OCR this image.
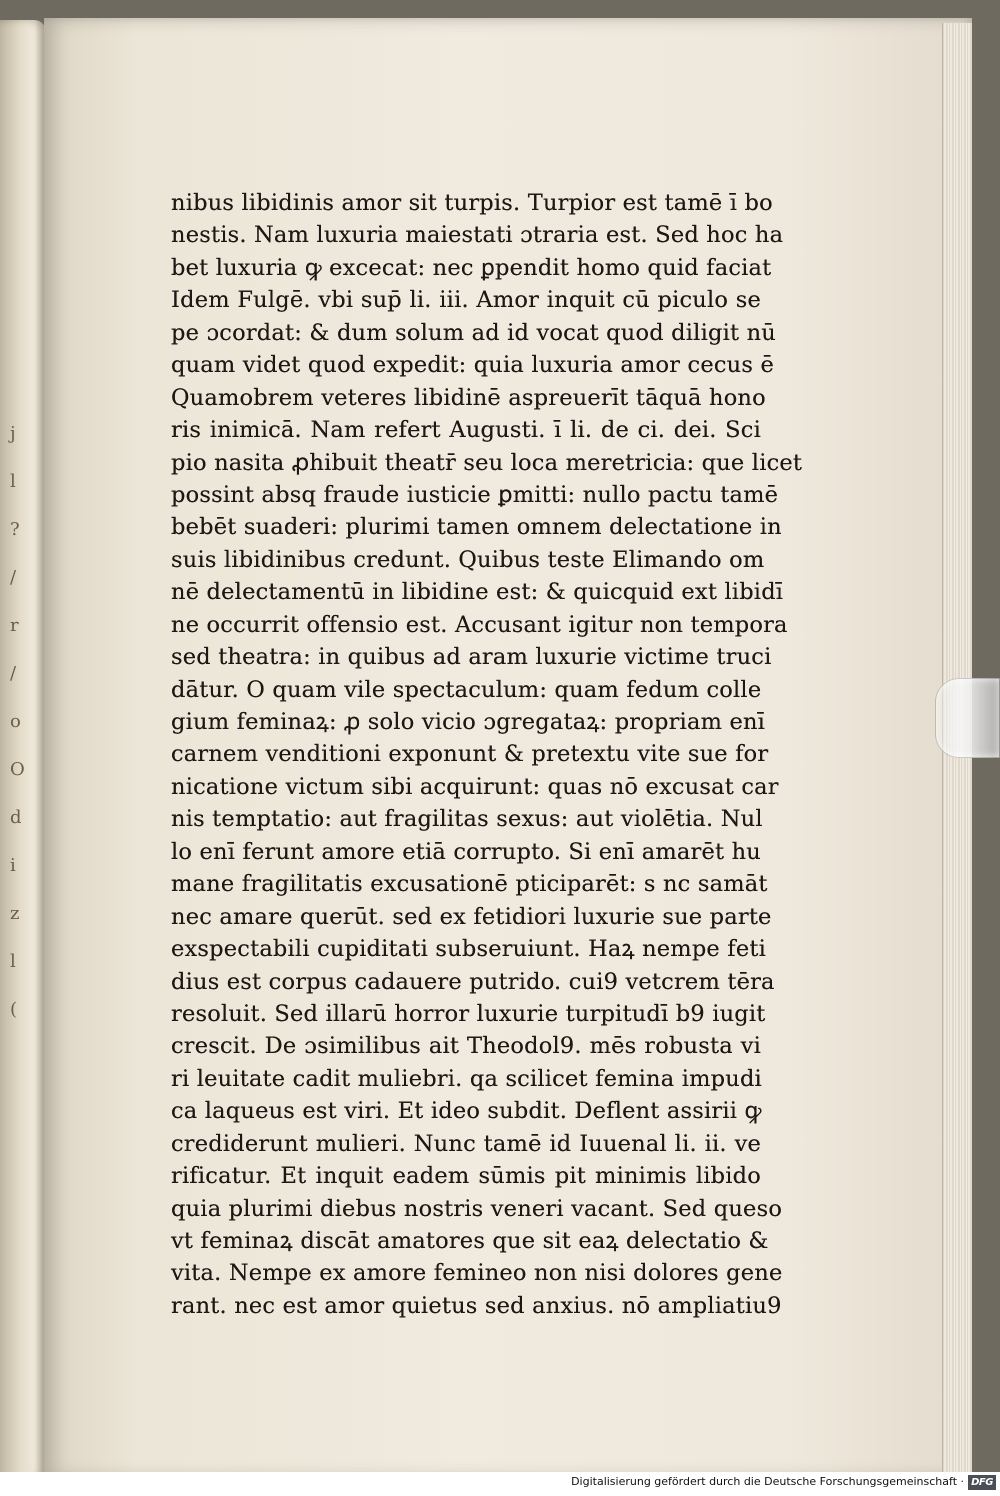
j
l
?
/
r
/
o
O
d
i
z
l
(
nibus libidinis amor sit turpis. Turpior est tamē ī bo
nestis. Nam luxuria maiestati ɔtraria est. Sed hoc ha
bet luxuria ꝙ excecat: nec ꝑpendit homo quid faciat
Idem Fulgē. vbi sup̄ li. iii. Amor inquit cū piculo se
pe ɔcordat: & dum solum ad id vocat quod diligit nū
quam videt quod expedit: quia luxuria amor cecus ē
Quamobrem veteres libidinē aspreuerīt tāquā hono
ris inimicā. Nam refert Augusti. ī li. de ci. dei. Sci
pio nasita ꝓhibuit theatr̄ seu loca meretricia: que licet
possint absq fraude iusticie ꝑmitti: nullo pactu tamē
bebēt suaderi: plurimi tamen omnem delectatione in
suis libidinibus credunt. Quibus teste Elimando om
nē delectamentū in libidine est: & quicquid ext libidī
ne occurrit offensio est. Accusant igitur non tempora
sed theatra: in quibus ad aram luxurie victime truci
dātur. O quam vile spectaculum: quam fedum colle
gium feminaꝝ: ꝓ solo vicio ɔgregataꝝ: propriam enī
carnem venditioni exponunt & pretextu vite sue for
nicatione victum sibi acquirunt: quas nō excusat car
nis temptatio: aut fragilitas sexus: aut violētia. Nul
lo enī ferunt amore etiā corrupto. Si enī amarēt hu
mane fragilitatis excusationē pticiparēt: s nc samāt
nec amare querūt. sed ex fetidiori luxurie sue parte
exspectabili cupiditati subseruiunt. Haꝝ nempe feti
dius est corpus cadauere putrido. cui9 vetcrem tēra
resoluit. Sed illarū horror luxurie turpitudī b9 iugit
crescit. De ɔsimilibus ait Theodol9. mēs robusta vi
ri leuitate cadit muliebri. qa scilicet femina impudi
ca laqueus est viri. Et ideo subdit. Deflent assirii ꝙ
crediderunt mulieri. Nunc tamē id Iuuenal li. ii. ve
rificatur. Et inquit eadem sūmis pit minimis libido
quia plurimi diebus nostris veneri vacant. Sed queso
vt feminaꝝ discāt amatores que sit eaꝝ delectatio &
vita. Nempe ex amore femineo non nisi dolores gene
rant. nec est amor quietus sed anxius. nō ampliatiu9
Digitalisierung gefördert durch die Deutsche Forschungsgemeinschaft · DFG
